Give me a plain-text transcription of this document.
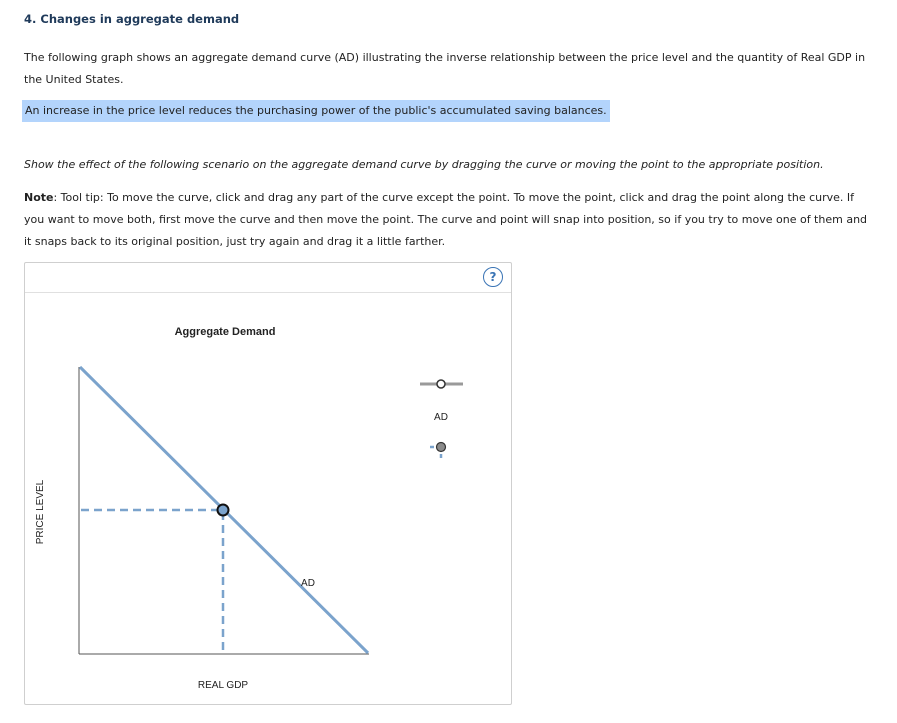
4. Changes in aggregate demand
The following graph shows an aggregate demand curve (AD) illustrating the inverse relationship between the price level and the quantity of Real GDP in the United States.
An increase in the price level reduces the purchasing power of the public's accumulated saving balances.
Show the effect of the following scenario on the aggregate demand curve by dragging the curve or moving the point to the appropriate position.
Note: Tool tip: To move the curve, click and drag any part of the curve except the point. To move the point, click and drag the point along the curve. If you want to move both, first move the curve and then move the point. The curve and point will snap into position, so if you try to move one of them and it snaps back to its original position, just try again and drag it a little farther.
?
Aggregate Demand
AD
REAL GDP
PRICE LEVEL
AD
